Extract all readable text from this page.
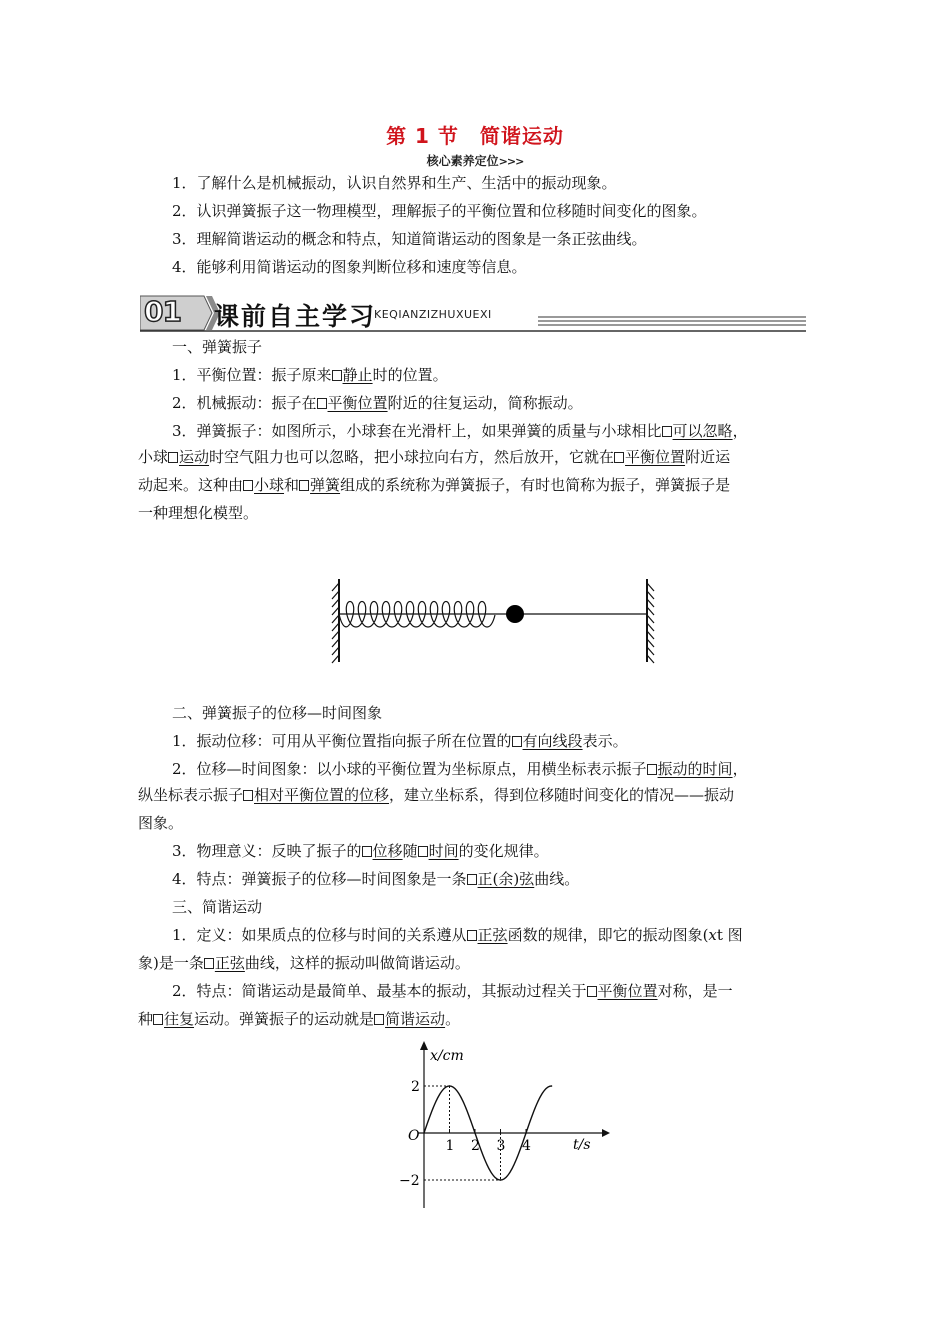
第 1 节　简谐运动
核心素养定位>>>
1．了解什么是机械振动，认识自然界和生产、生活中的振动现象。
2．认识弹簧振子这一物理模型，理解振子的平衡位置和位移随时间变化的图象。
3．理解简谐运动的概念和特点，知道简谐运动的图象是一条正弦曲线。
4．能够利用简谐运动的图象判断位移和速度等信息。
01 课前自主学习
KEQIANZIZHUXUEXI
一、弹簧振子
1．平衡位置：振子原来 静止时的位置。
2．机械振动：振子在 平衡位置附近的往复运动，简称振动。
3．弹簧振子：如图所示，小球套在光滑杆上，如果弹簧的质量与小球相比 可以忽略，
小球 运动时空气阻力也可以忽略，把小球拉向右方，然后放开，它就在 平衡位置附近运
动起来。这种由 小球和 弹簧组成的系统称为弹簧振子，有时也简称为振子，弹簧振子是
一种理想化模型。
二、弹簧振子的位移—时间图象
1．振动位移：可用从平衡位置指向振子所在位置的 有向线段表示。
2．位移—时间图象：以小球的平衡位置为坐标原点，用横坐标表示振子 振动的时间，
纵坐标表示振子 相对平衡位置的位移，建立坐标系，得到位移随时间变化的情况——振动
图象。
3．物理意义：反映了振子的 位移随 时间的变化规律。
4．特点：弹簧振子的位移—时间图象是一条 正(余)弦曲线。
三、简谐运动
1．定义：如果质点的位移与时间的关系遵从 正弦函数的规律，即它的振动图象(xt 图
象)是一条 正弦曲线，这样的振动叫做简谐运动。
2．特点：简谐运动是最简单、最基本的振动，其振动过程关于 平衡位置对称，是一
种 往复运动。弹簧振子的运动就是 简谐运动。
x/cm
t/s
O
1 2 3 4
2
−2
